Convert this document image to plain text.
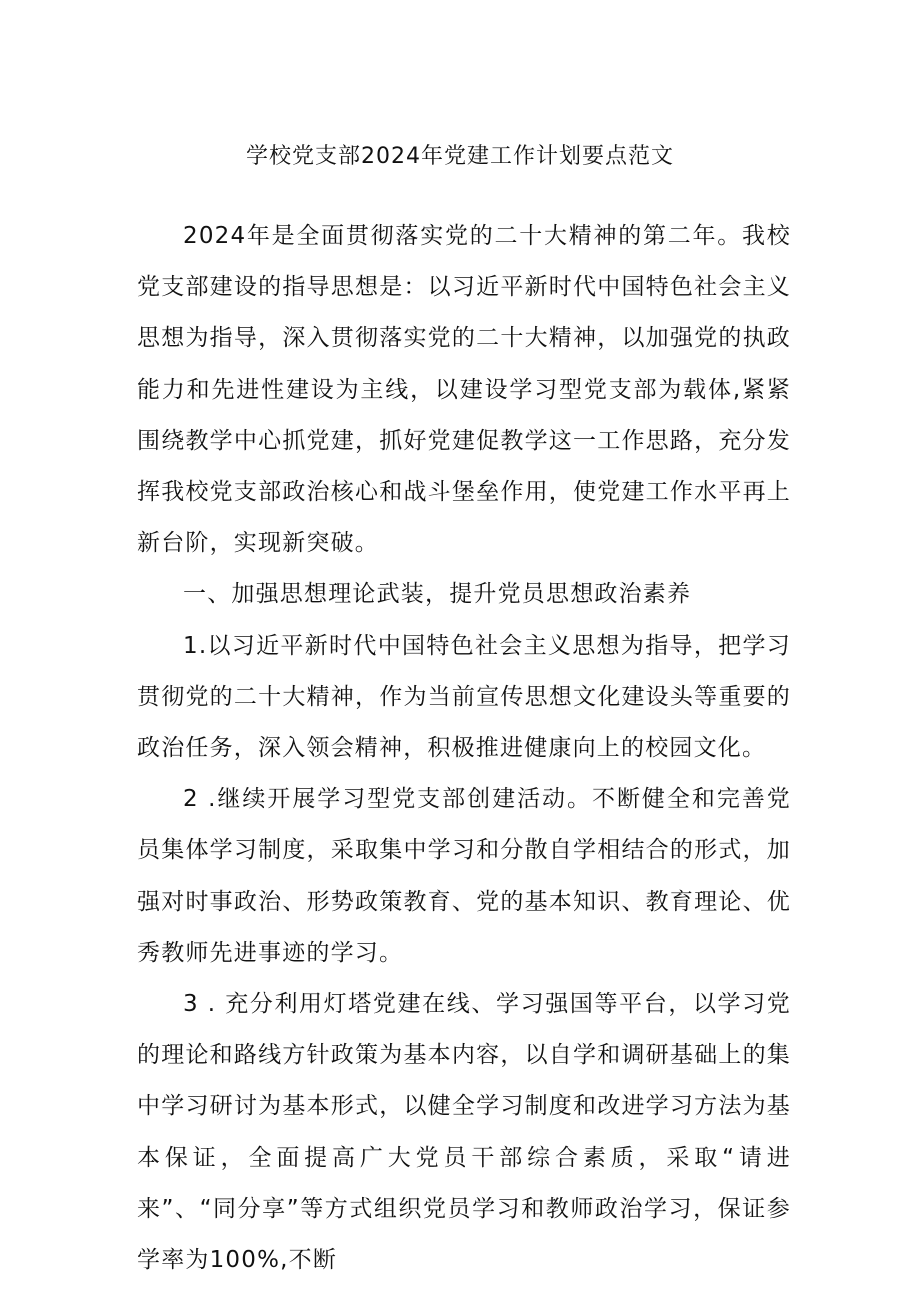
学校党支部2024年党建工作计划要点范文

2024年是全面贯彻落实党的二十大精神的第二年。我校党支部建设的指导思想是：以习近平新时代中国特色社会主义思想为指导，深入贯彻落实党的二十大精神，以加强党的执政能力和先进性建设为主线，以建设学习型党支部为载体,紧紧围绕教学中心抓党建，抓好党建促教学这一工作思路，充分发挥我校党支部政治核心和战斗堡垒作用，使党建工作水平再上新台阶，实现新突破。

一、加强思想理论武装，提升党员思想政治素养

1.以习近平新时代中国特色社会主义思想为指导，把学习贯彻党的二十大精神，作为当前宣传思想文化建设头等重要的政治任务，深入领会精神，积极推进健康向上的校园文化。

2 .继续开展学习型党支部创建活动。不断健全和完善党员集体学习制度，采取集中学习和分散自学相结合的形式，加强对时事政治、形势政策教育、党的基本知识、教育理论、优秀教师先进事迹的学习。

3 . 充分利用灯塔党建在线、学习强国等平台，以学习党的理论和路线方针政策为基本内容，以自学和调研基础上的集中学习研讨为基本形式，以健全学习制度和改进学习方法为基本保证，全面提高广大党员干部综合素质，采取“请进来”、“同分享”等方式组织党员学习和教师政治学习，保证参学率为100%,不断
